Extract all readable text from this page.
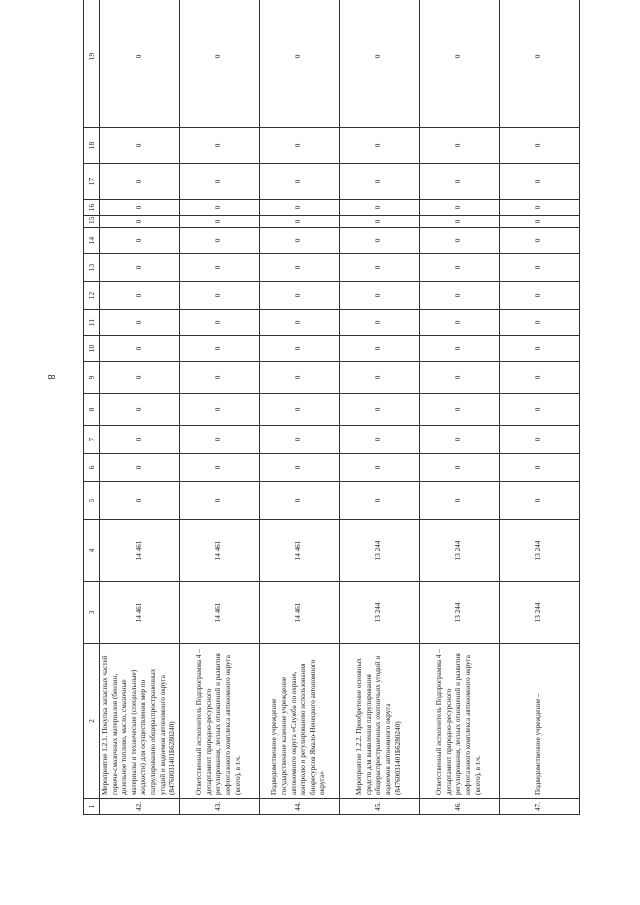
8
1	2	3	4	5	6	7	8	9	10	11	12	13	14	15	16	17	18	19
42.	Мероприятие 1.2.1. Покупка запасных частей горюче-смазочных материалов (бензин, дизельное топливо, масло, смазочные материалы и технические (специальные) жидкости) для осуществления мер по патрулированию общераспространенных угодий и водоемов автономного округа (84760031401Б6280240)	14 461	14 461	0	0	0	0	0	0	0	0	0	0	0	0	0	0	0
43.	Ответственный исполнитель Подпрограмма 4 – департамент природно-ресурсного регулирования, лесных отношений и развития нефтегазового комплекса автономного округа (всего), в т.ч.	14 461	14 461	0	0	0	0	0	0	0	0	0	0	0	0	0	0	0
44.	Подведомственное учреждение государственное казенное учреждение автономного округа «Служба по охране, контролю и регулированию использования биоресурсов Ямало-Ненецкого автономного округа»	14 461	14 461	0	0	0	0	0	0	0	0	0	0	0	0	0	0	0
45.	Мероприятие 1.2.2. Приобретение основных средств для выявления патрулирования общераспространенных охотничьих угодий и водоемов автономного округа (84760031401Б6280240)	13 244	13 244	0	0	0	0	0	0	0	0	0	0	0	0	0	0	0
46.	Ответственный исполнитель Подпрограмма 4 – департамент природно-ресурсного регулирования, лесных отношений и развития нефтегазового комплекса автономного округа (всего), в т.ч.	13 244	13 244	0	0	0	0	0	0	0	0	0	0	0	0	0	0	0
47.	Подведомственное учреждение –	13 244	13 244	0	0	0	0	0	0	0	0	0	0	0	0	0	0	0
